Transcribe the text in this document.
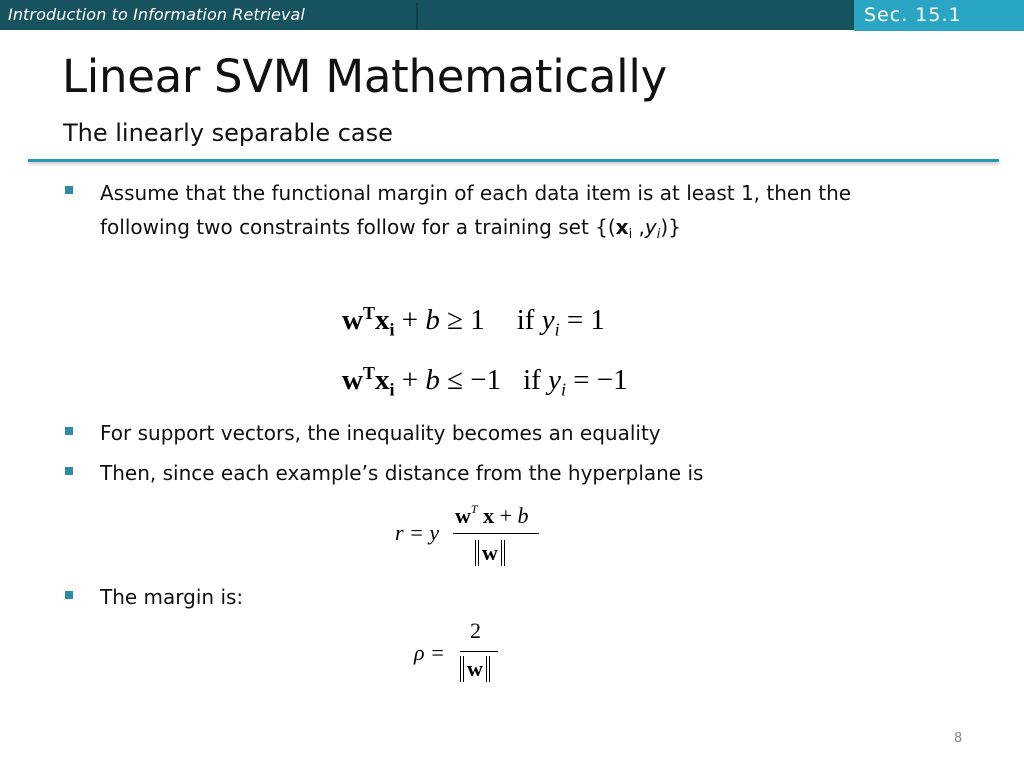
Introduction to Information Retrieval	Sec. 15.1
Linear SVM Mathematically
The linearly separable case
Assume that the functional margin of each data item is at least 1, then the
following two constraints follow for a training set {($x_i$ $,y_i$)}
$w^Tx_i + b \ge 1$ if $y_i = 1$
$w^Tx_i + b \le -1$ if $y_i = -1$
For support vectors, the inequality becomes an equality
Then, since each example’s distance from the hyperplane is
r = y
$w^T$ x + b
w
The margin is:
ρ =
2
w
8
